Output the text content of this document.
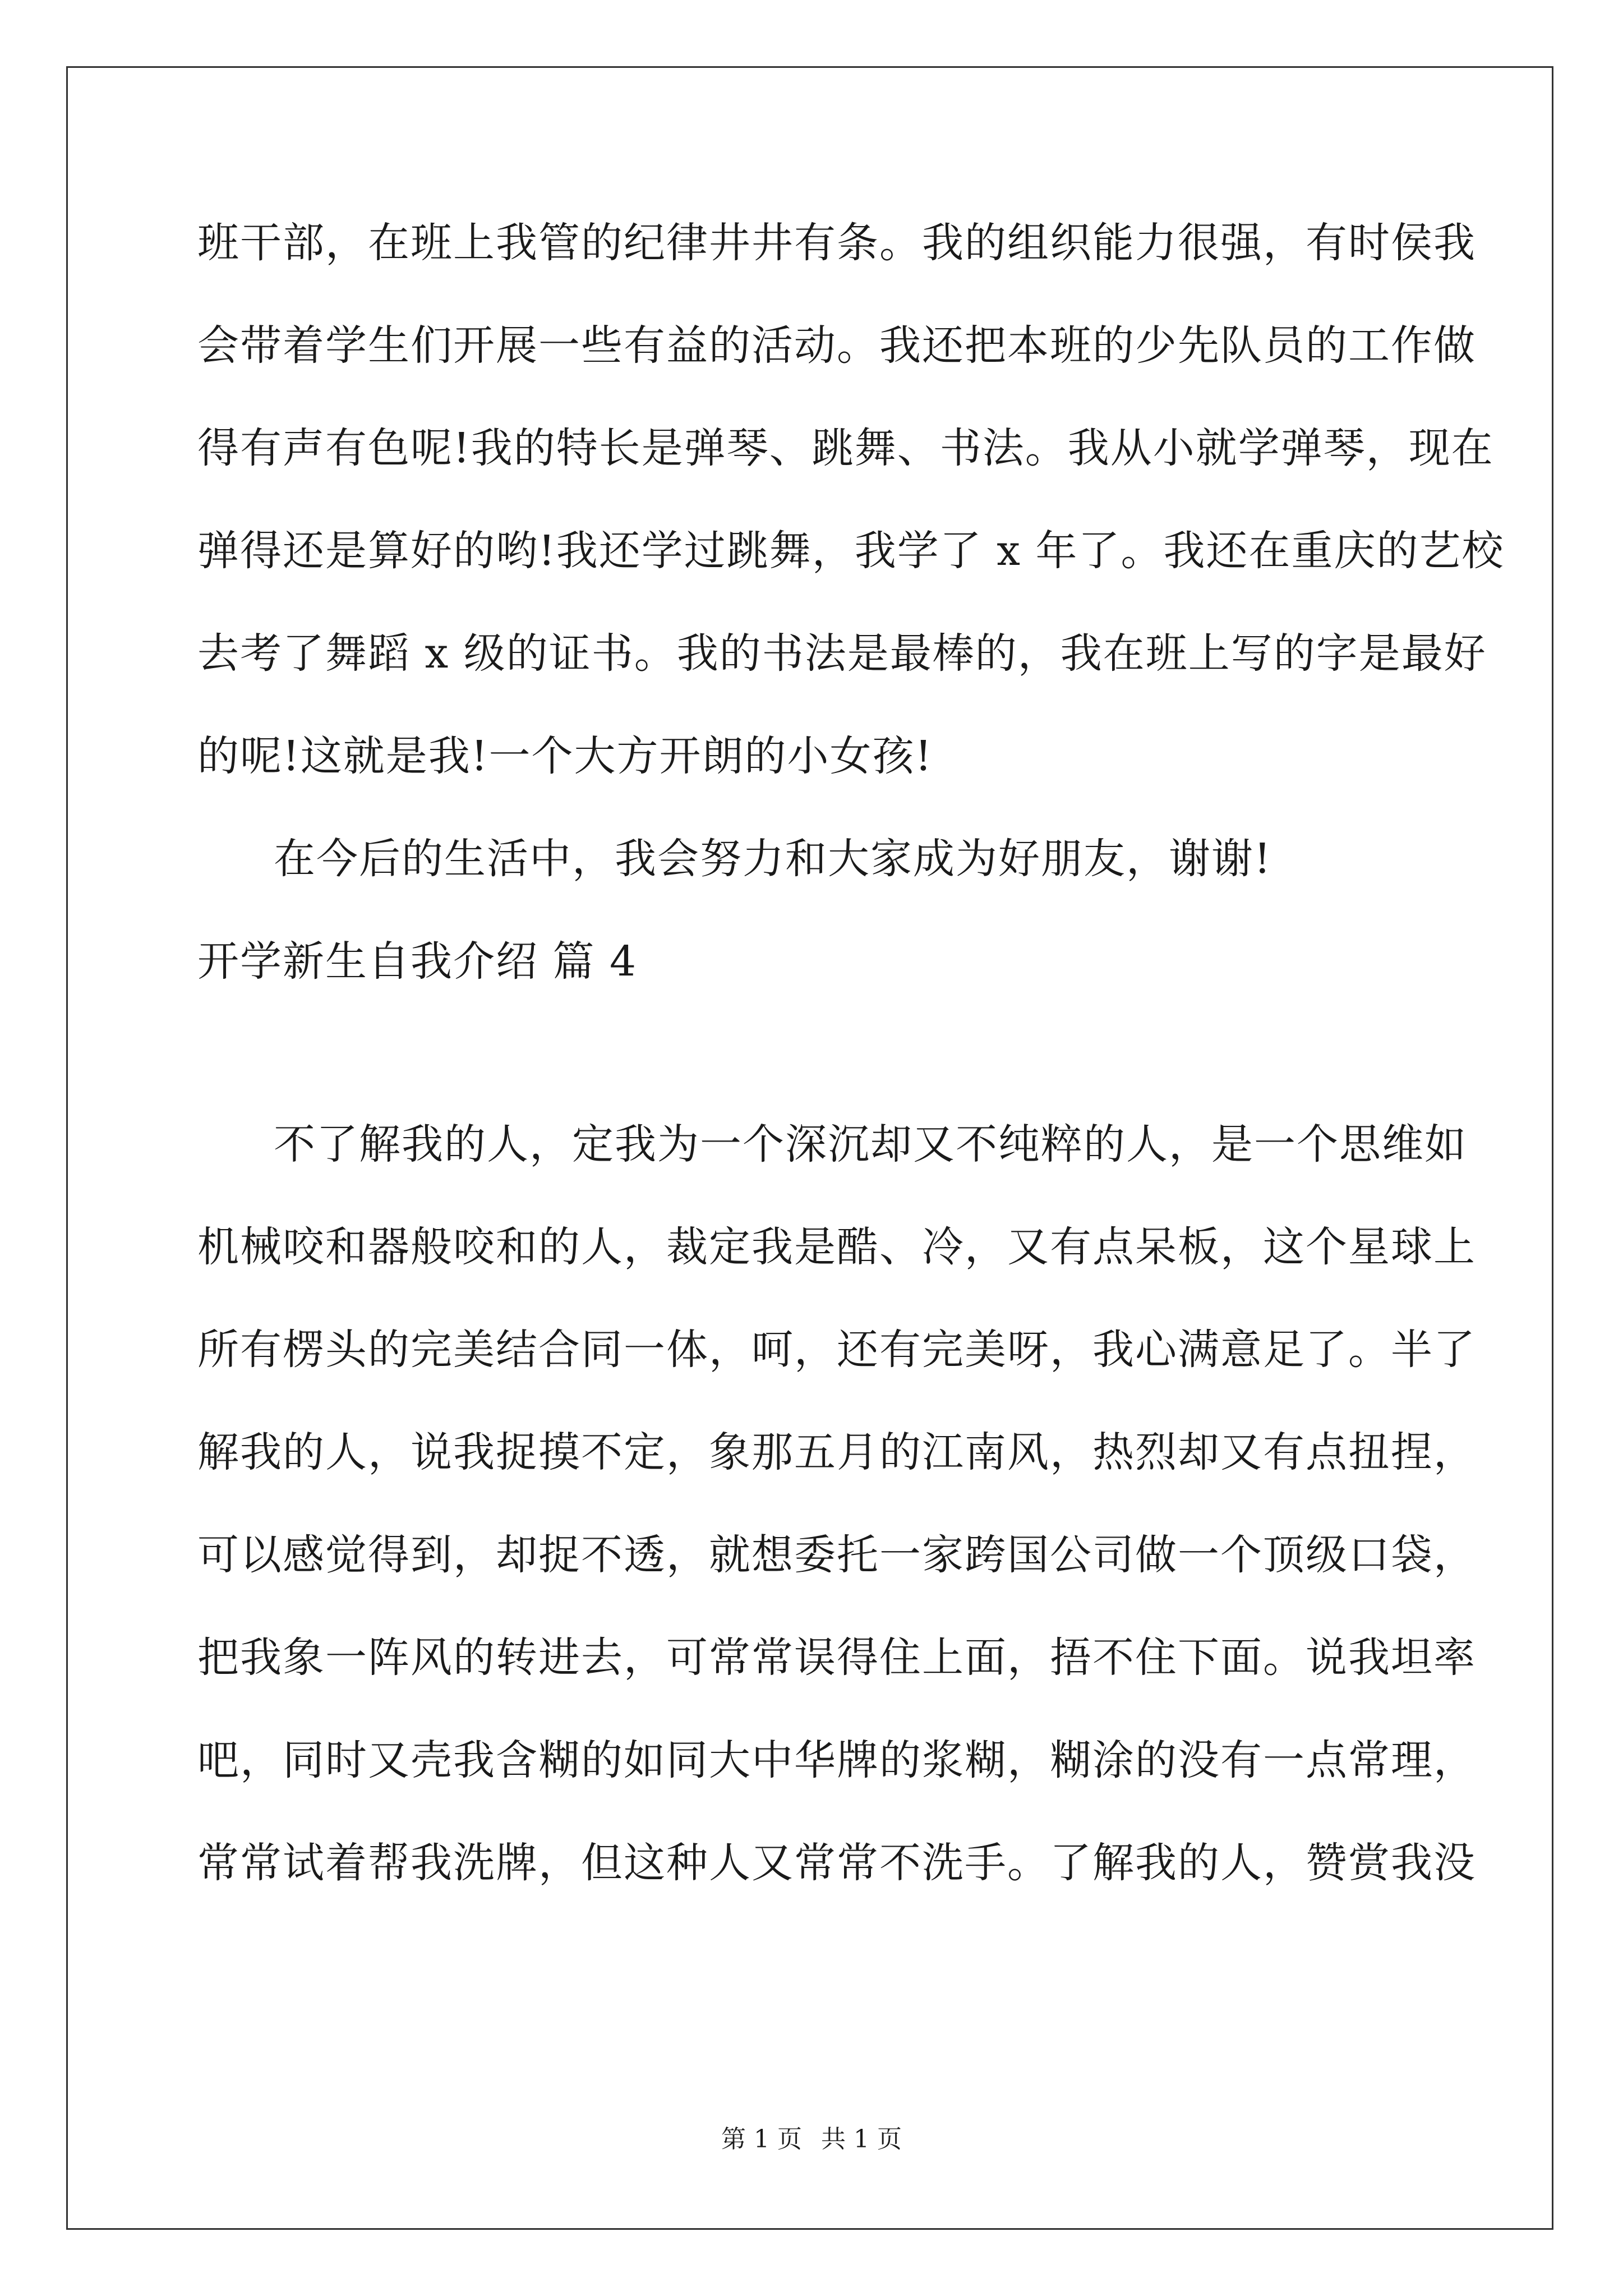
班干部，在班上我管的纪律井井有条。我的组织能力很强，有时侯我
会带着学生们开展一些有益的活动。我还把本班的少先队员的工作做
得有声有色呢!我的特长是弹琴、跳舞、书法。我从小就学弹琴，现在
弹得还是算好的哟!我还学过跳舞，我学了 x 年了。我还在重庆的艺校
去考了舞蹈 x 级的证书。我的书法是最棒的，我在班上写的字是最好
的呢!这就是我!一个大方开朗的小女孩!
在今后的生活中，我会努力和大家成为好朋友，谢谢!
开学新生自我介绍 篇 4
不了解我的人，定我为一个深沉却又不纯粹的人，是一个思维如
机械咬和器般咬和的人，裁定我是酷、冷，又有点呆板，这个星球上
所有楞头的完美结合同一体，呵，还有完美呀，我心满意足了。半了
解我的人，说我捉摸不定，象那五月的江南风，热烈却又有点扭捏，
可以感觉得到，却捉不透，就想委托一家跨国公司做一个顶级口袋，
把我象一阵风的转进去，可常常误得住上面，捂不住下面。说我坦率
吧，同时又壳我含糊的如同大中华牌的浆糊，糊涂的没有一点常理，
常常试着帮我洗牌，但这种人又常常不洗手。了解我的人，赞赏我没
第 1 页 共 1 页
